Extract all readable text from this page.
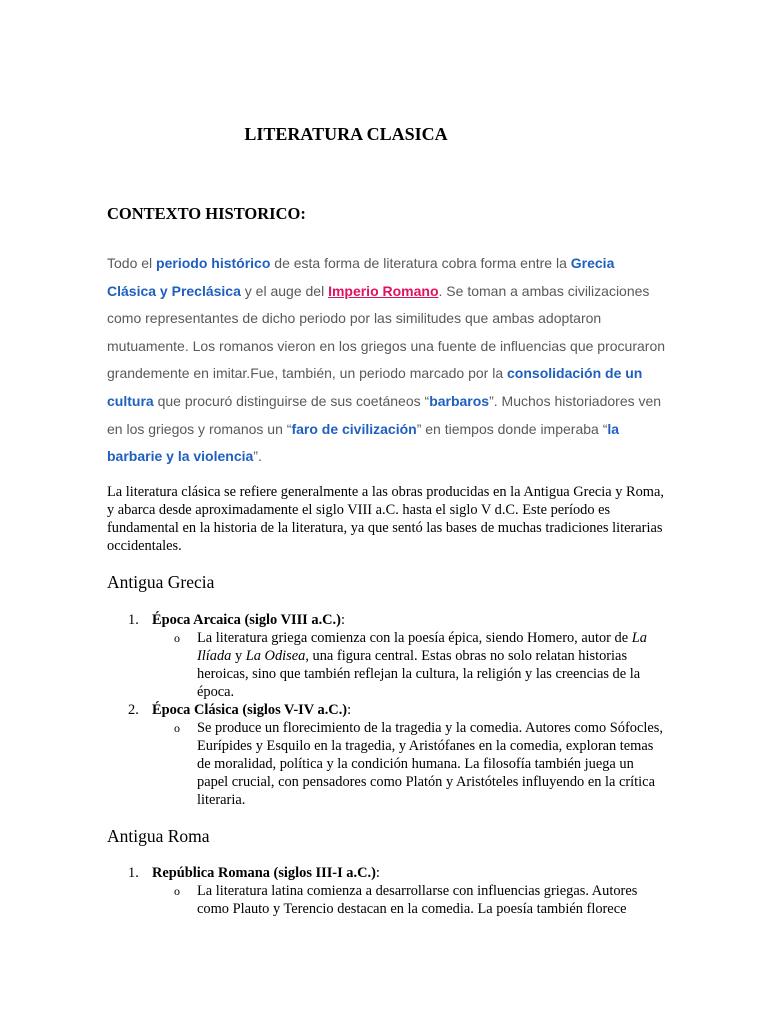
LITERATURA CLASICA
CONTEXTO HISTORICO:

Todo el periodo histórico de esta forma de literatura cobra forma entre la Grecia Clásica y Preclásica y el auge del Imperio Romano. Se toman a ambas civilizaciones como representantes de dicho periodo por las similitudes que ambas adoptaron mutuamente. Los romanos vieron en los griegos una fuente de influencias que procuraron grandemente en imitar.Fue, también, un periodo marcado por la consolidación de un cultura que procuró distinguirse de sus coetáneos “barbaros”. Muchos historiadores ven en los griegos y romanos un “faro de civilización” en tiempos donde imperaba “la barbarie y la violencia”.

La literatura clásica se refiere generalmente a las obras producidas en la Antigua Grecia y Roma, y abarca desde aproximadamente el siglo VIII a.C. hasta el siglo V d.C. Este período es fundamental en la historia de la literatura, ya que sentó las bases de muchas tradiciones literarias occidentales.

Antigua Grecia
1. Época Arcaica (siglo VIII a.C.):
o La literatura griega comienza con la poesía épica, siendo Homero, autor de La Ilíada y La Odisea, una figura central. Estas obras no solo relatan historias heroicas, sino que también reflejan la cultura, la religión y las creencias de la época.
2. Época Clásica (siglos V-IV a.C.):
o Se produce un florecimiento de la tragedia y la comedia. Autores como Sófocles, Eurípides y Esquilo en la tragedia, y Aristófanes en la comedia, exploran temas de moralidad, política y la condición humana. La filosofía también juega un papel crucial, con pensadores como Platón y Aristóteles influyendo en la crítica literaria.
Antigua Roma
1. República Romana (siglos III-I a.C.):
o La literatura latina comienza a desarrollarse con influencias griegas. Autores como Plauto y Terencio destacan en la comedia. La poesía también florece
